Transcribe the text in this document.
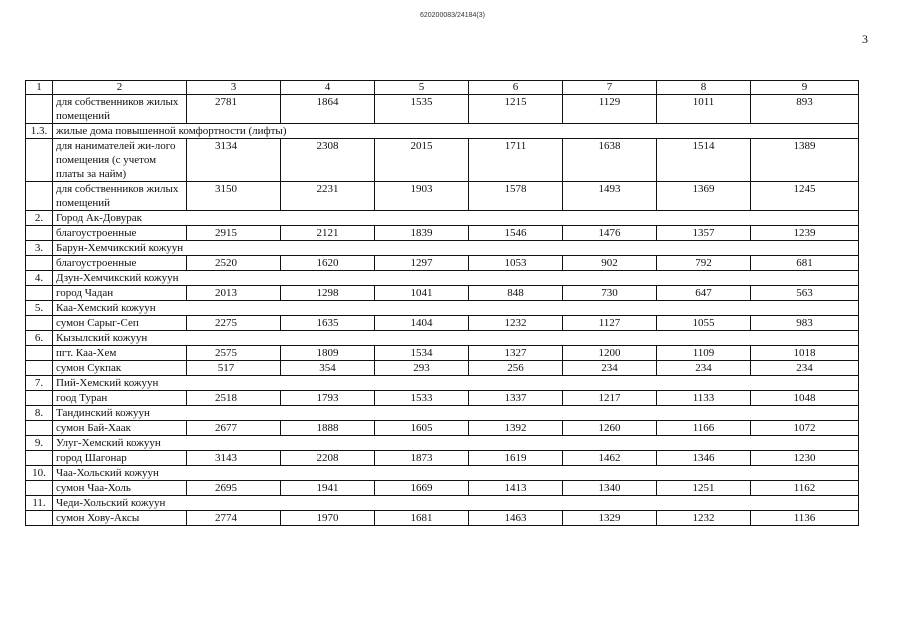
620200083/24184(3)
3
1	2	3	4	5	6	7	8	9
	для собственников жилых помещений	2781	1864	1535	1215	1129	1011	893
1.3.	жилые дома повышенной комфортности (лифты)							
	для нанимателей жи-лого помещения (с учетом платы за найм)	3134	2308	2015	1711	1638	1514	1389
	для собственников жилых помещений	3150	2231	1903	1578	1493	1369	1245
2.	Город Ак-Довурак							
	благоустроенные	2915	2121	1839	1546	1476	1357	1239
3.	Барун-Хемчикский кожуун							
	благоустроенные	2520	1620	1297	1053	902	792	681
4.	Дзун-Хемчикский кожуун							
	город Чадан	2013	1298	1041	848	730	647	563
5.	Каа-Хемский кожуун							
	сумон Сарыг-Сеп	2275	1635	1404	1232	1127	1055	983
6.	Кызылский кожуун							
	пгт. Каа-Хем	2575	1809	1534	1327	1200	1109	1018
	сумон Сукпак	517	354	293	256	234	234	234
7.	Пий-Хемский кожуун							
	гоод Туран	2518	1793	1533	1337	1217	1133	1048
8.	Тандинский кожуун							
	сумон Бай-Хаак	2677	1888	1605	1392	1260	1166	1072
9.	Улуг-Хемский кожуун							
	город Шагонар	3143	2208	1873	1619	1462	1346	1230
10.	Чаа-Хольский кожуун							
	сумон Чаа-Холь	2695	1941	1669	1413	1340	1251	1162
11.	Чеди-Хольский кожуун							
	сумон Хову-Аксы	2774	1970	1681	1463	1329	1232	1136
